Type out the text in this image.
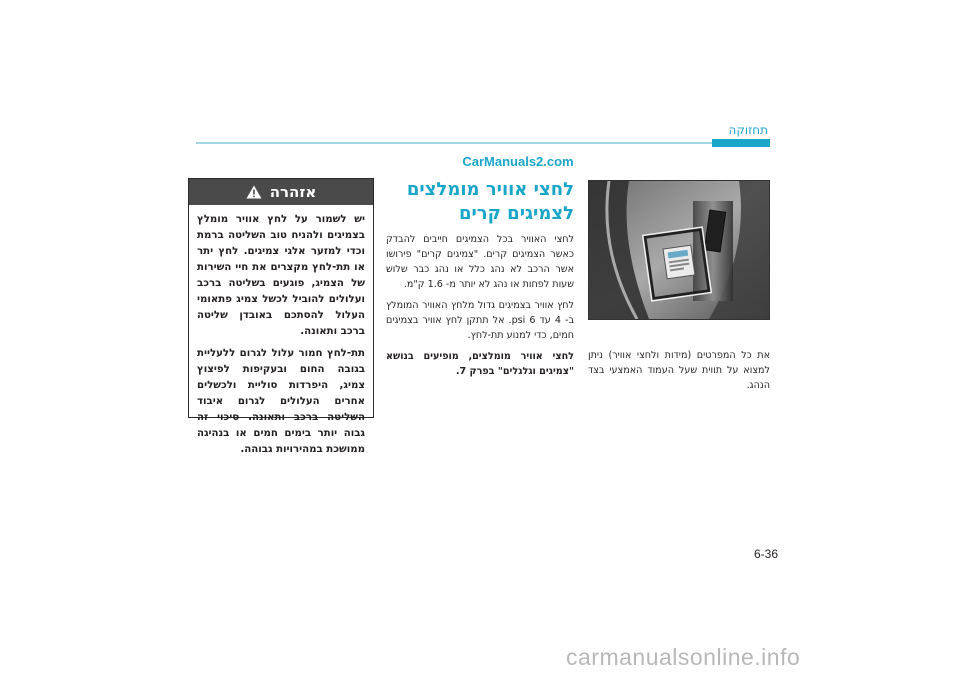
תחזוקה
CarManuals2.com
אזהרה

יש לשמור על לחץ אוויר מומלץ בצמיגים ולהניח טוב השליטה ברמת וכדי למזער אלגי צמיגים. לחץ יתר או תת-לחץ מקצרים את חיי השירות של הצמיג, פוגעים בשליטה ברכב ועלולים להוביל לכשל צמיג פתאומי העלול להסתכם באובדן שליטה ברכב ותאונה.

תת-לחץ חמור עלול לגרום ללעליית בגובה החום ובעקיפות לפיצוץ צמיג, היפרדות סוליית ולכשלים אחרים העלולים לגרום איבוד השליטה ברכב ותאונה. סיכוי זה גבוה יותר בימים חמים או בנהיגה ממושכת במהירויות גבוהה.

לחצי אוויר מומלצים לצמיגים קרים

לחצי האוויר בכל הצמיגים חייבים להבדק כאשר הצמיגים קרים. "צמיגים קרים" פירושו אשר הרכב לא נהג כלל או נהג כבר שלוש שעות לפחות או נהג לא יותר מ- 1.6 ק"מ.

לחץ אוויר בצמיגים גדול מלחץ האוויר המומלץ ב- 4 עד 6 psi. אל תתקן לחץ אוויר בצמיגים חמים, כדי למנוע תת-לחץ.

לחצי אוויר מומלצים, מופיעים בנושא "צמיגים וגלגלים" בפרק 7.

OLF084007N

את כל המפרטים (מידות ולחצי אוויר) ניתן למצוא על תווית שעל העמוד האמצעי בצד הנהג.

6-36
carmanualsonline.info
